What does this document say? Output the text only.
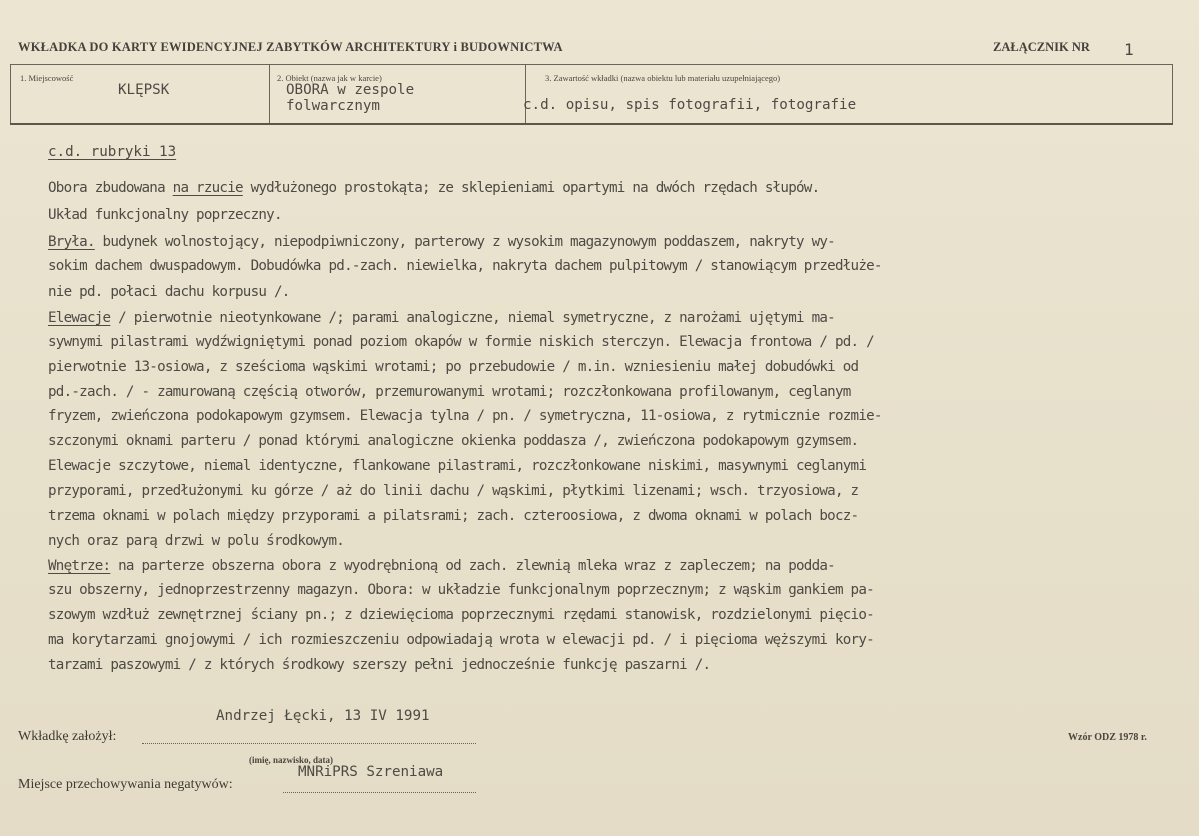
WKŁADKA DO KARTY EWIDENCYJNEJ ZABYTKÓW ARCHITEKTURY i BUDOWNICTWA	ZAŁĄCZNIK NR 1
1. Miejscowość
KLĘPSK
2. Obiekt (nazwa jak w karcie)
OBORA w zespole
folwarcznym
3. Zawartość wkładki (nazwa obiektu lub materiału uzupełniającego)
c.d. opisu, spis fotografii, fotografie
c.d. rubryki 13
Obora zbudowana na rzucie wydłużonego prostokąta; ze sklepieniami opartymi na dwóch rzędach słupów.
Układ funkcjonalny poprzeczny.
Bryła. budynek wolnostojący, niepodpiwniczony, parterowy z wysokim magazynowym poddaszem, nakryty wy-
sokim dachem dwuspadowym. Dobudówka pd.-zach. niewielka, nakryta dachem pulpitowym / stanowiącym przedłuże-
nie pd. połaci dachu korpusu /.
Elewacje / pierwotnie nieotynkowane /; parami analogiczne, niemal symetryczne, z narożami ujętymi ma-
sywnymi pilastrami wydźwigniętymi ponad poziom okapów w formie niskich sterczyn. Elewacja frontowa / pd. /
pierwotnie 13-osiowa, z sześcioma wąskimi wrotami; po przebudowie / m.in. wzniesieniu małej dobudówki od
pd.-zach. / - zamurowaną częścią otworów, przemurowanymi wrotami; rozczłonkowana profilowanym, ceglanym
fryzem, zwieńczona podokapowym gzymsem. Elewacja tylna / pn. / symetryczna, 11-osiowa, z rytmicznie rozmie-
szczonymi oknami parteru / ponad którymi analogiczne okienka poddasza /, zwieńczona podokapowym gzymsem.
Elewacje szczytowe, niemal identyczne, flankowane pilastrami, rozczłonkowane niskimi, masywnymi ceglanymi
przyporami, przedłużonymi ku górze / aż do linii dachu / wąskimi, płytkimi lizenami; wsch. trzyosiowa, z
trzema oknami w polach między przyporami a pilatsrami; zach. czteroosiowa, z dwoma oknami w polach bocz-
nych oraz parą drzwi w polu środkowym.
Wnętrze: na parterze obszerna obora z wyodrębnioną od zach. zlewnią mleka wraz z zapleczem; na podda-
szu obszerny, jednoprzestrzenny magazyn. Obora: w układzie funkcjonalnym poprzecznym; z wąskim gankiem pa-
szowym wzdłuż zewnętrznej ściany pn.; z dziewięcioma poprzecznymi rzędami stanowisk, rozdzielonymi pięcio-
ma korytarzami gnojowymi / ich rozmieszczeniu odpowiadają wrota w elewacji pd. / i pięcioma węższymi kory-
tarzami paszowymi / z których środkowy szerszy pełni jednocześnie funkcję paszarni /.
Andrzej Łęcki, 13 IV 1991
Wkładkę założył:
(imię, nazwisko, data)
Wzór ODZ 1978 r.
MNRiPRS Szreniawa
Miejsce przechowywania negatywów:
